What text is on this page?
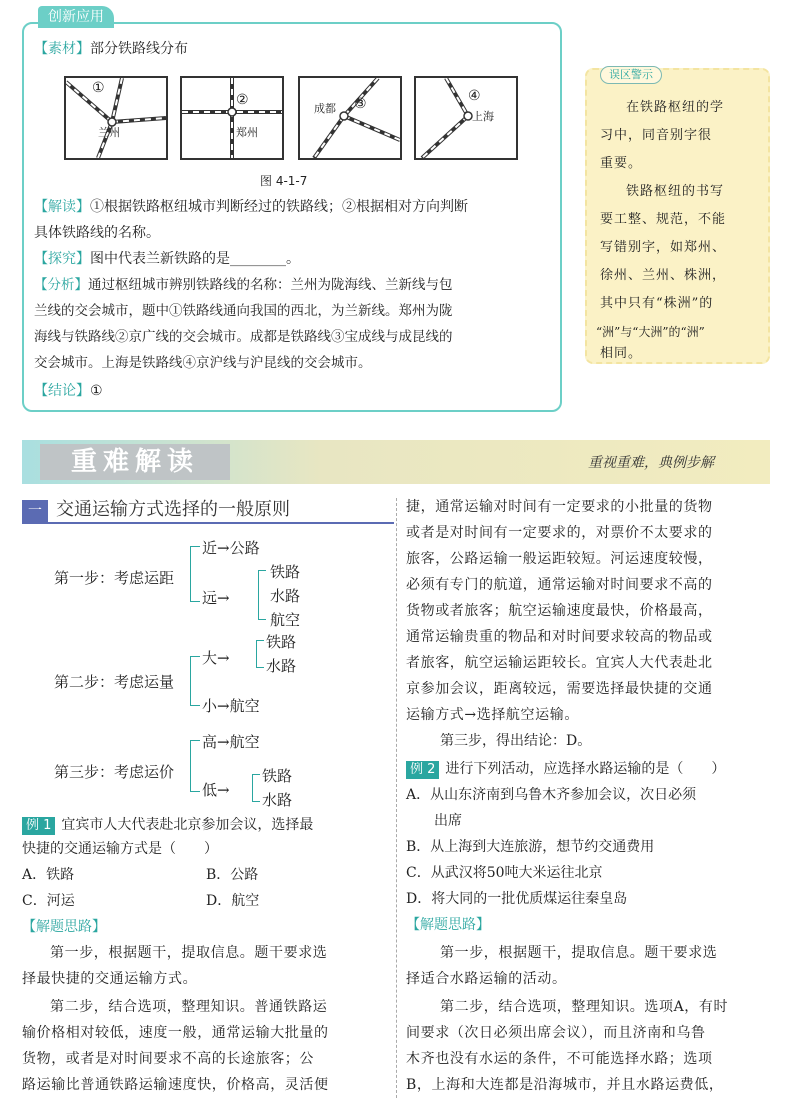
创新应用
【素材】部分铁路线分布
①
兰州
②
郑州
③
成都
④
上海
图 4-1-7
【解读】①根据铁路枢纽城市判断经过的铁路线；②根据相对方向判断
具体铁路线的名称。
【探究】图中代表兰新铁路的是________。
【分析】通过枢纽城市辨别铁路线的名称：兰州为陇海线、兰新线与包
兰线的交会城市，题中①铁路线通向我国的西北，为兰新线。郑州为陇
海线与铁路线②京广线的交会城市。成都是铁路线③宝成线与成昆线的
交会城市。上海是铁路线④京沪线与沪昆线的交会城市。
【结论】①
误区警示
在铁路枢纽的学
习中，同音别字很
重要。
铁路枢纽的书写
要工整、规范，不能
写错别字，如郑州、
徐州、兰州、株洲，
其中只有“株洲”的
“洲”与“大洲”的“洲”
相同。
重难解读	重视重难，典例步解
一 交通运输方式选择的一般原则
第一步：考虑运距
近→公路
远→
铁路
水路
航空
第二步：考虑运量
大→
铁路
水路
小→航空
第三步：考虑运价
高→航空
低→
铁路
水路
例 1 宜宾市人大代表赴北京参加会议，选择最
快捷的交通运输方式是（　　）
A．铁路	B．公路
C．河运	D．航空
【解题思路】
第一步，根据题干，提取信息。题干要求选
择最快捷的交通运输方式。
第二步，结合选项，整理知识。普通铁路运
输价格相对较低，速度一般，通常运输大批量的
货物，或者是对时间要求不高的长途旅客；公
路运输比普通铁路运输速度快，价格高，灵活便
捷，通常运输对时间有一定要求的小批量的货物
或者是对时间有一定要求的，对票价不太要求的
旅客，公路运输一般运距较短。河运速度较慢，
必须有专门的航道，通常运输对时间要求不高的
货物或者旅客；航空运输速度最快，价格最高，
通常运输贵重的物品和对时间要求较高的物品或
者旅客，航空运输运距较长。宜宾人大代表赴北
京参加会议，距离较远，需要选择最快捷的交通
运输方式→选择航空运输。
第三步，得出结论：D。
例 2 进行下列活动，应选择水路运输的是（　　）
A．从山东济南到乌鲁木齐参加会议，次日必须
出席
B．从上海到大连旅游，想节约交通费用
C．从武汉将50吨大米运往北京
D．将大同的一批优质煤运往秦皇岛
【解题思路】
第一步，根据题干，提取信息。题干要求选
择适合水路运输的活动。
第二步，结合选项，整理知识。选项A，有时
间要求（次日必须出席会议），而且济南和乌鲁
木齐也没有水运的条件，不可能选择水路；选项
B，上海和大连都是沿海城市，并且水路运费低，
